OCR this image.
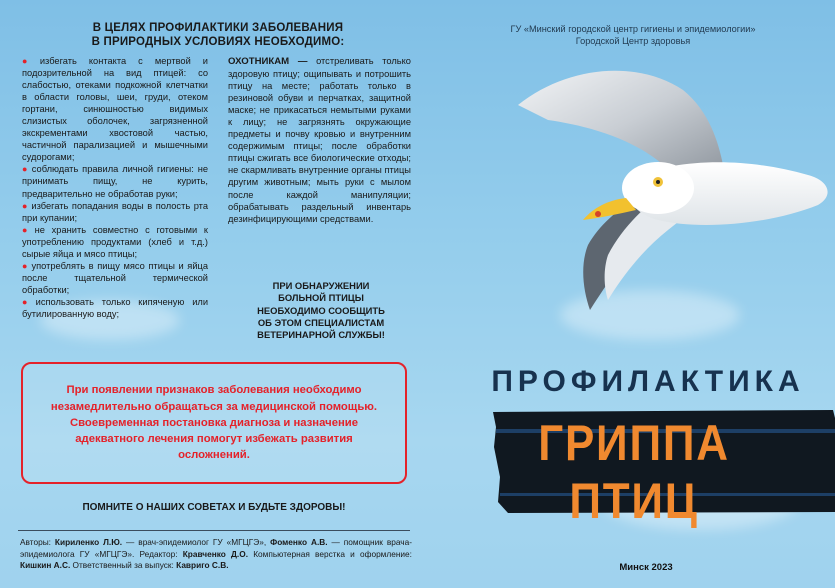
В ЦЕЛЯХ ПРОФИЛАКТИКИ ЗАБОЛЕВАНИЯ
В ПРИРОДНЫХ УСЛОВИЯХ НЕОБХОДИМО:
● избегать контакта с мертвой и подозрительной на вид птицей: со слабостью, отеками подкожной клетчатки в области головы, шеи, груди, отеком гортани, синюшностью видимых слизистых оболочек, загрязненной экскрементами хвостовой частью, частичной парализацией и мышечными судорогами;
● соблюдать правила личной гигиены: не принимать пищу, не курить, предварительно не обработав руки;
● избегать попадания воды в полость рта при купании;
● не хранить совместно с готовыми к употреблению продуктами (хлеб и т.д.) сырые яйца и мясо птицы;
● употреблять в пищу мясо птицы и яйца после тщательной термической обработки;
● использовать только кипяченую или бутилированную воду;
ОХОТНИКАМ — отстреливать только здоровую птицу; ощипывать и потрошить птицу на месте; работать только в резиновой обуви и перчатках, защитной маске; не прикасаться немытыми руками к лицу; не загрязнять окружающие предметы и почву кровью и внутренним содержимым птицы; после обработки птицы сжигать все биологические отходы; не скармливать внутренние органы птицы другим животным; мыть руки с мылом после каждой манипуляции; обрабатывать раздельный инвентарь дезинфицирующими средствами.
ПРИ ОБНАРУЖЕНИИ
БОЛЬНОЙ ПТИЦЫ
НЕОБХОДИМО СООБЩИТЬ
ОБ ЭТОМ СПЕЦИАЛИСТАМ
ВЕТЕРИНАРНОЙ СЛУЖБЫ!
При появлении признаков заболевания необходимо незамедлительно обращаться за медицинской помощью. Своевременная постановка диагноза и назначение адекватного лечения помогут избежать развития осложнений.
ПОМНИТЕ О НАШИХ СОВЕТАХ И БУДЬТЕ ЗДОРОВЫ!
Авторы: Кириленко Л.Ю. — врач-эпидемиолог ГУ «МГЦГЭ», Фоменко А.В. — помощник врача-эпидемиолога ГУ «МГЦГЭ». Редактор: Кравченко Д.О. Компьютерная верстка и оформление: Кишкин А.С. Ответственный за выпуск: Кавриго С.В.
ГУ «Минский городской центр гигиены и эпидемиологии»
Городской Центр здоровья
ПРОФИЛАКТИКА
ГРИППА ПТИЦ
Минск 2023
